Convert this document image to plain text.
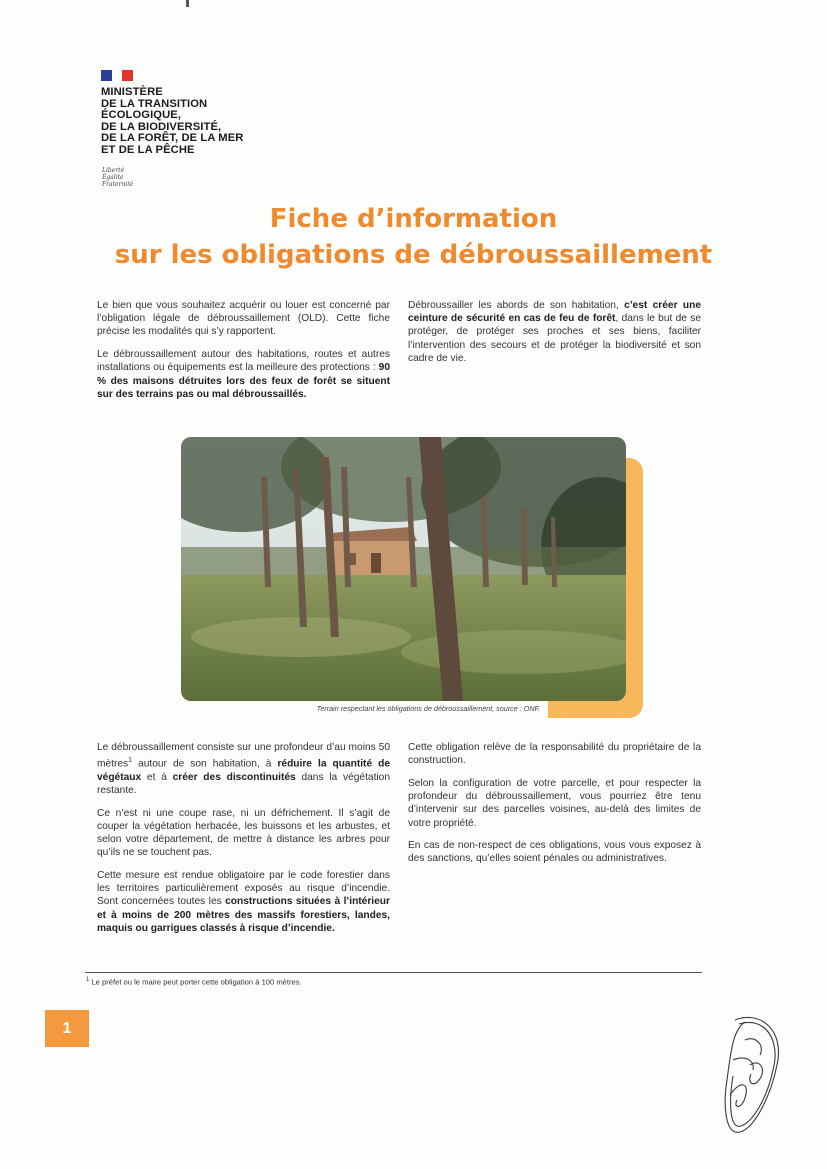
MINISTÈRE
DE LA TRANSITION
ÉCOLOGIQUE,
DE LA BIODIVERSITÉ,
DE LA FORÊT, DE LA MER
ET DE LA PÊCHE
Liberté
Égalité
Fraternité
Fiche d’information
sur les obligations de débroussaillement

Le bien que vous souhaitez acquérir ou louer est concerné par l’obligation légale de débroussaillement (OLD). Cette fiche précise les modalités qui s’y rapportent.

Le débroussaillement autour des habitations, routes et autres installations ou équipements est la meilleure des protections : 90 % des maisons détruites lors des feux de forêt se situent sur des terrains pas ou mal débroussaillés.

Débroussailler les abords de son habitation, c’est créer une ceinture de sécurité en cas de feu de forêt, dans le but de se protéger, de protéger ses proches et ses biens, faciliter l’intervention des secours et de protéger la biodiversité et son cadre de vie.

Terrain respectant les obligations de débroussaillement, source : ONF.

Le débroussaillement consiste sur une profondeur d’au moins 50 mètres$^1$ autour de son habitation, à réduire la quantité de végétaux et à créer des discontinuités dans la végétation restante.

Ce n’est ni une coupe rase, ni un défrichement. Il s’agit de couper la végétation herbacée, les buissons et les arbustes, et selon votre département, de mettre à distance les arbres pour qu’ils ne se touchent pas.

Cette mesure est rendue obligatoire par le code forestier dans les territoires particulièrement exposés au risque d’incendie. Sont concernées toutes les constructions situées à l’intérieur et à moins de 200 mètres des massifs forestiers, landes, maquis ou garrigues classés à risque d’incendie.

Cette obligation relève de la responsabilité du propriétaire de la construction.

Selon la configuration de votre parcelle, et pour respecter la profondeur du débroussaillement, vous pourriez être tenu d’intervenir sur des parcelles voisines, au-delà des limites de votre propriété.

En cas de non-respect de ces obligations, vous vous exposez à des sanctions, qu’elles soient pénales ou administratives.

$^1$ Le préfet ou le maire peut porter cette obligation à 100 mètres.
1
